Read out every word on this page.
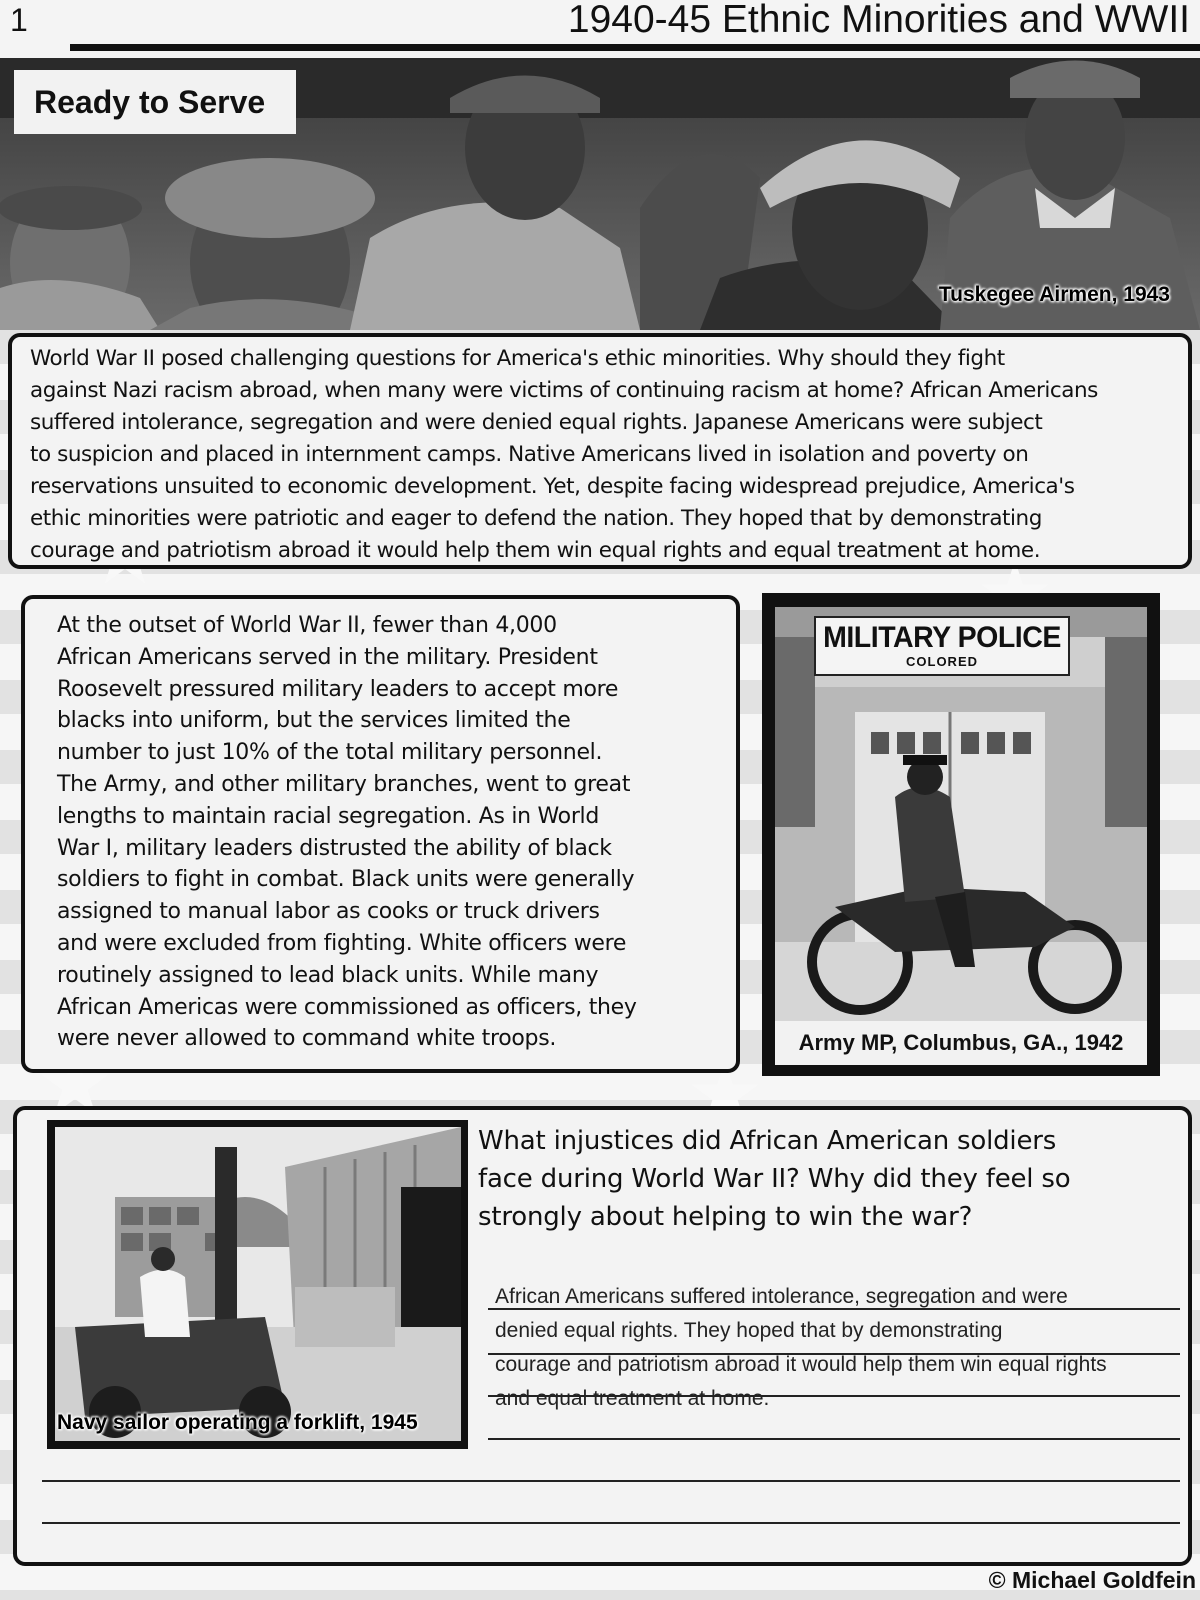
1	1940-45 Ethnic Minorities and WWII
Ready to Serve
Tuskegee Airmen, 1943
World War II posed challenging questions for America's ethic minorities. Why should they fight
against Nazi racism abroad, when many were victims of continuing racism at home? African Americans
suffered intolerance, segregation and were denied equal rights. Japanese Americans were subject
to suspicion and placed in internment camps. Native Americans lived in isolation and poverty on
reservations unsuited to economic development. Yet, despite facing widespread prejudice, America's
ethic minorities were patriotic and eager to defend the nation. They hoped that by demonstrating
courage and patriotism abroad it would help them win equal rights and equal treatment at home.
At the outset of World War II, fewer than 4,000
African Americans served in the military. President
Roosevelt pressured military leaders to accept more
blacks into uniform, but the services limited the
number to just 10% of the total military personnel.
The Army, and other military branches, went to great
lengths to maintain racial segregation. As in World
War I, military leaders distrusted the ability of black
soldiers to fight in combat. Black units were generally
assigned to manual labor as cooks or truck drivers
and were excluded from fighting. White officers were
routinely assigned to lead black units. While many
African Americas were commissioned as officers, they
were never allowed to command white troops.
MILITARY POLICE
COLORED
Army MP, Columbus, GA., 1942
Navy sailor operating a forklift, 1945
What injustices did African American soldiers
face during World War II? Why did they feel so
strongly about helping to win the war?
African Americans suffered intolerance, segregation and were
denied equal rights. They hoped that by demonstrating
courage and patriotism abroad it would help them win equal rights
and equal treatment at home.
© Michael Goldfein
